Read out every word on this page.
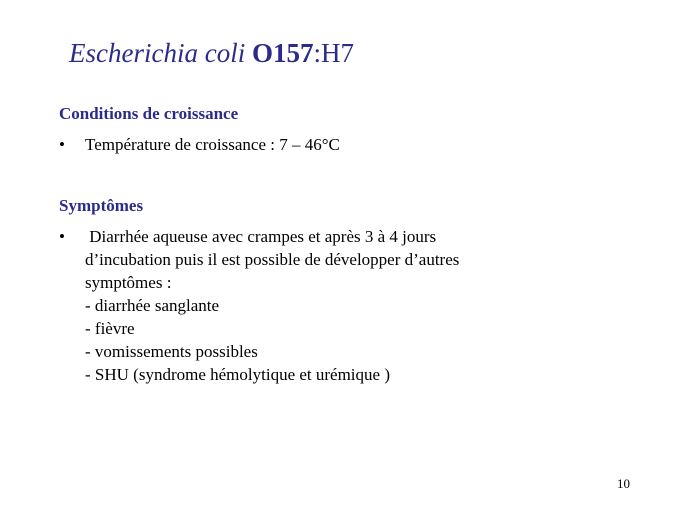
Escherichia coli O157:H7
Conditions de croissance
• Température de croissance : 7 – 46°C
Symptômes
• Diarrhée aqueuse avec crampes et après 3 à 4 jours
d’incubation puis il est possible de développer d’autres
symptômes :
- diarrhée sanglante
- fièvre
- vomissements possibles
- SHU (syndrome hémolytique et urémique )
10
